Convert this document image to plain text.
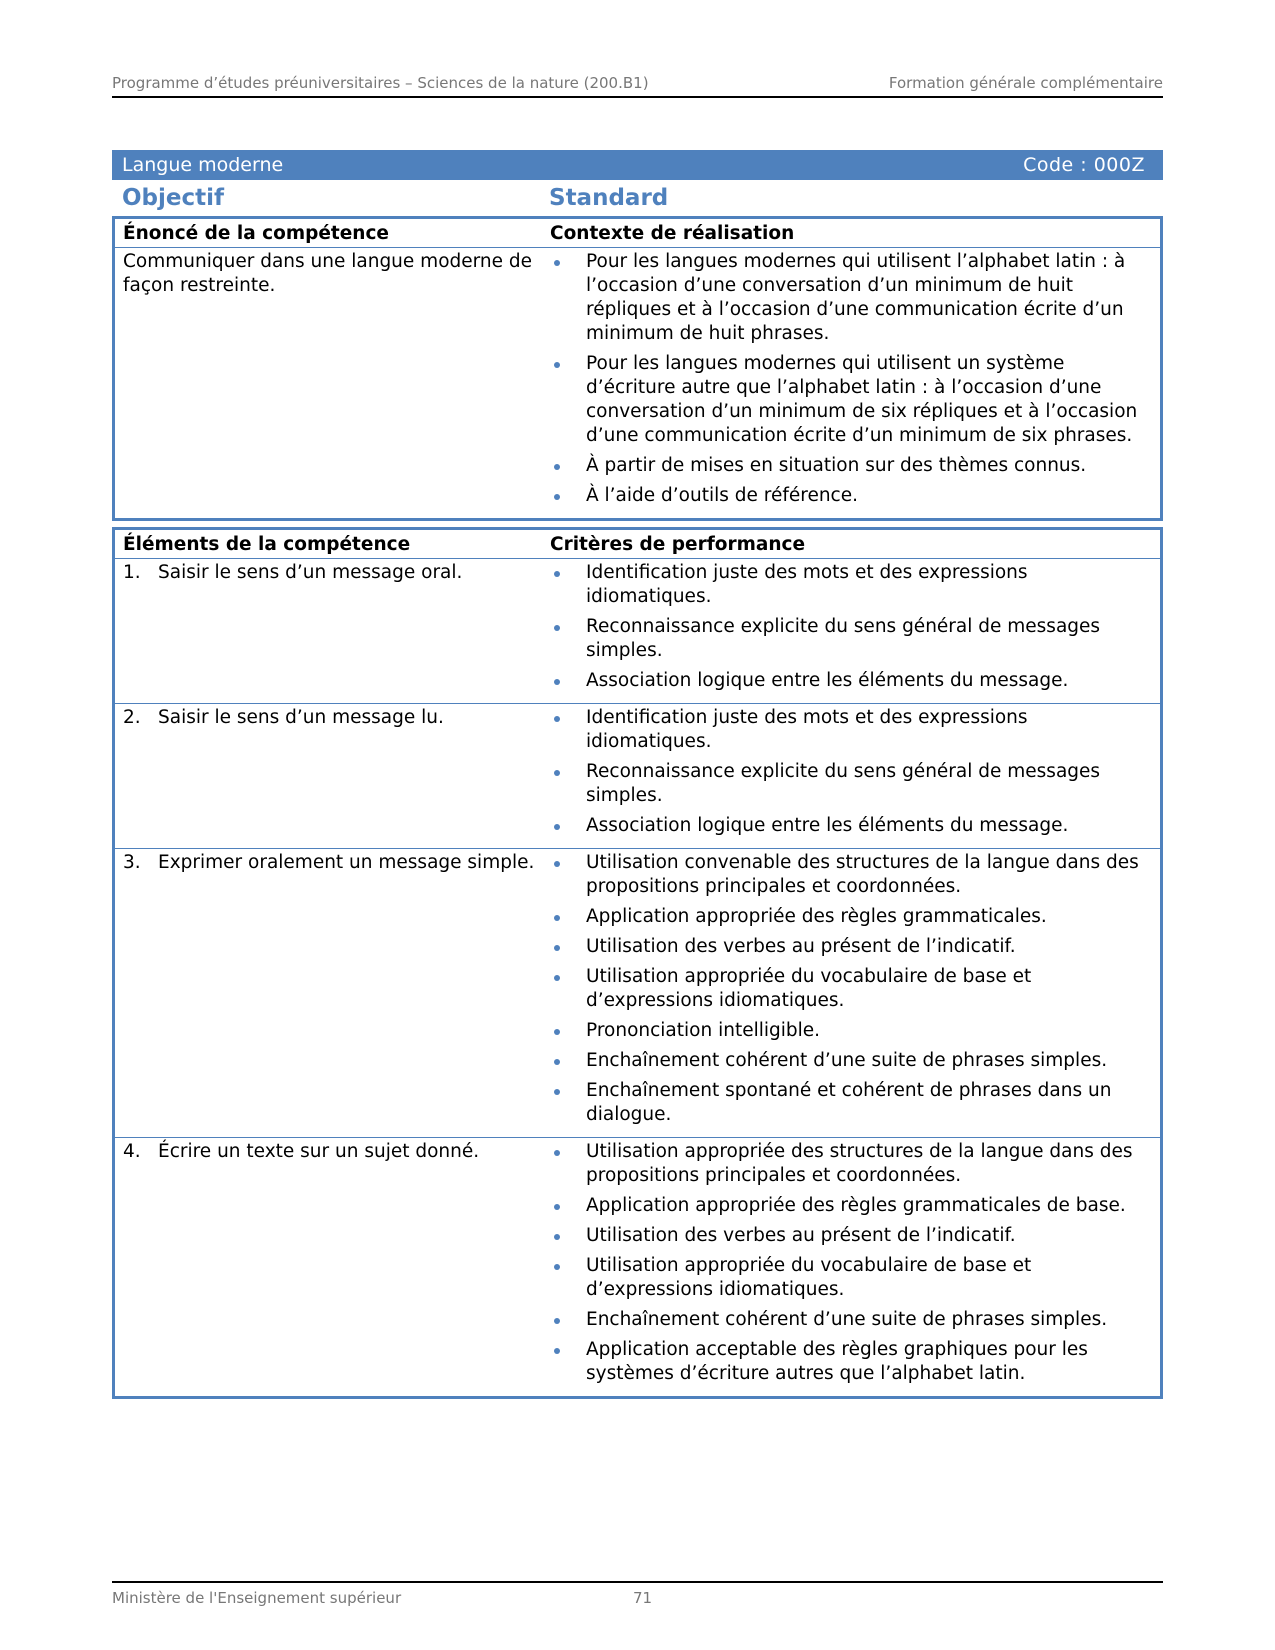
Programme d’études préuniversitaires – Sciences de la nature (200.B1)	Formation générale complémentaire
Langue moderne	Code : 000Z
Objectif	Standard
Énoncé de la compétence	Contexte de réalisation

Communiquer dans une langue moderne de façon restreinte.

Pour les langues modernes qui utilisent l’alphabet latin : à l’occasion d’une conversation d’un minimum de huit répliques et à l’occasion d’une communication écrite d’un minimum de huit phrases.
Pour les langues modernes qui utilisent un système d’écriture autre que l’alphabet latin : à l’occasion d’une conversation d’un minimum de six répliques et à l’occasion d’une communication écrite d’un minimum de six phrases.
À partir de mises en situation sur des thèmes connus.
À l’aide d’outils de référence.
Éléments de la compétence	Critères de performance

1. Saisir le sens d’un message oral.	Identification juste des mots et des expressions idiomatiques.
Reconnaissance explicite du sens général de messages simples.
Association logique entre les éléments du message.

2. Saisir le sens d’un message lu.	Identification juste des mots et des expressions idiomatiques.
Reconnaissance explicite du sens général de messages simples.
Association logique entre les éléments du message.

3. Exprimer oralement un message simple.	Utilisation convenable des structures de la langue dans des propositions principales et coordonnées.
Application appropriée des règles grammaticales.
Utilisation des verbes au présent de l’indicatif.
Utilisation appropriée du vocabulaire de base et d’expressions idiomatiques.
Prononciation intelligible.
Enchaînement cohérent d’une suite de phrases simples.
Enchaînement spontané et cohérent de phrases dans un dialogue.

4. Écrire un texte sur un sujet donné.	Utilisation appropriée des structures de la langue dans des propositions principales et coordonnées.
Application appropriée des règles grammaticales de base.
Utilisation des verbes au présent de l’indicatif.
Utilisation appropriée du vocabulaire de base et d’expressions idiomatiques.
Enchaînement cohérent d’une suite de phrases simples.
Application acceptable des règles graphiques pour les systèmes d’écriture autres que l’alphabet latin.
Ministère de l'Enseignement supérieur	71
